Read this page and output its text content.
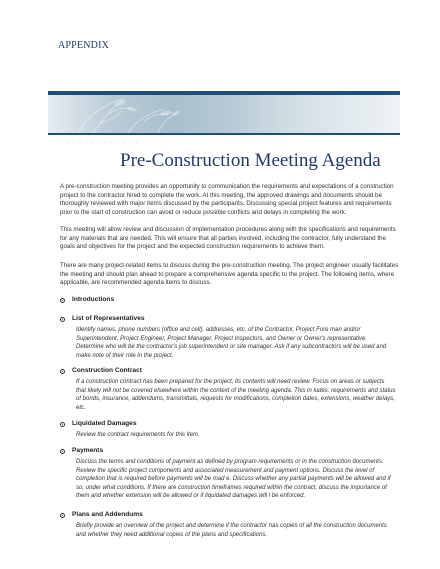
APPENDIX
· · · · · · · · · · · · ·
Pre-Construction Meeting Agenda
A pre-construction meeting provides an opportunity to communication the requirements and expectations of a construction project to the contractor hired to complete the work. At this meeting, the approved drawings and documents should be thoroughly reviewed with major items discussed by the participants. Discussing special project features and requirements prior to the start of construction can avoid or reduce possible conflicts and delays in completing the work.
This meeting will allow review and discussion of implementation procedures along with the specifications and requirements for any materials that are needed. This will ensure that all parties involved, including the contractor, fully understand the goals and objectives for the project and the expected construction requirements to achieve them.
There are many project-related items to discuss during the pre-construction meeting. The project engineer usually facilitates the meeting and should plan ahead to prepare a comprehensive agenda specific to the project. The following items, where applicable, are recommended agenda items to discuss.
Introductions
List of Representatives
Identify names, phone numbers (office and cell), addresses, etc. of the Contractor, Project Fore man and/or Superintendent, Project Engineer, Project Manager, Project Inspectors, and Owner or Owner's representative. Determine who will be the contractor's job superintendent or site manager. Ask if any subcontractors will be used and make note of their role in the project.
Construction Contract
If a construction contract has been prepared for the project, its contents will need review. Focus on areas or subjects that likely will not be covered elsewhere within the context of the meeting agenda. This in ludes: requirements and status of bonds, insurance, addendums, transmittals, requests for modifications, completion dates, extensions, weather delays, etc.
Liquidated Damages
Review the contract requirements for this item.
Payments
Discuss the terms and conditions of payment as defined by program requirements or in the construction documents. Review the specific project components and associated measurement and payment options. Discuss the level of completion that is required before payments will be mad e. Discuss whether any partial payments will be allowed and if so, under what conditions. If there are construction timeframes required within the contract, discuss the importance of them and whether extension will be allowed or if liquidated damages will l be enforced.
Plans and Addendums
Briefly provide an overview of the project and determine if the contractor has copies of all the construction documents and whether they need additional copies of the plans and specifications.
